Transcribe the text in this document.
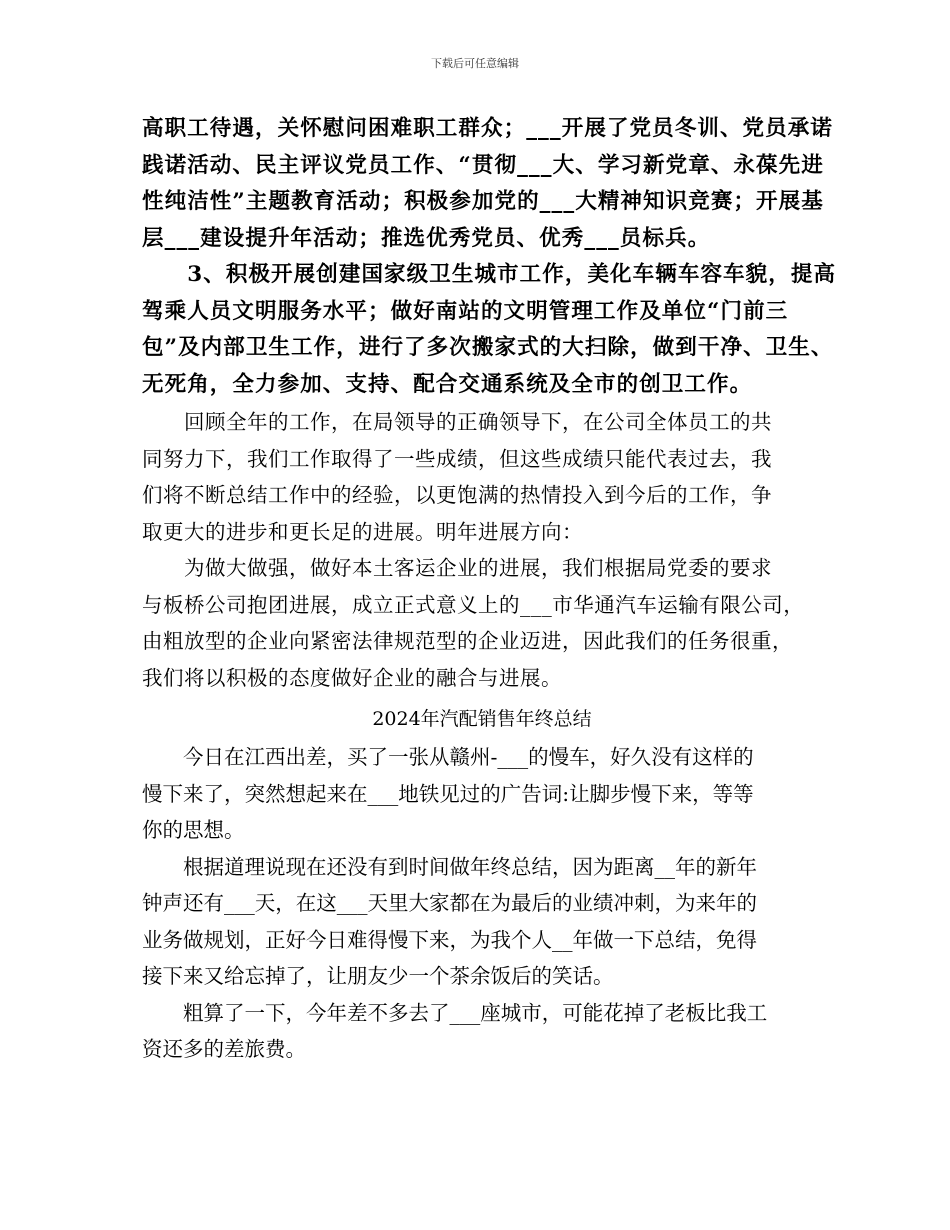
下载后可任意编辑

高职工待遇，关怀慰问困难职工群众；___开展了党员冬训、党员承诺

践诺活动、民主评议党员工作、“贯彻___大、学习新党章、永葆先进

性纯洁性”主题教育活动；积极参加党的___大精神知识竞赛；开展基

层___建设提升年活动；推选优秀党员、优秀___员标兵。

　　3、积极开展创建国家级卫生城市工作，美化车辆车容车貌，提高

驾乘人员文明服务水平；做好南站的文明管理工作及单位“门前三

包”及内部卫生工作，进行了多次搬家式的大扫除，做到干净、卫生、

无死角，全力参加、支持、配合交通系统及全市的创卫工作。

　　回顾全年的工作，在局领导的正确领导下，在公司全体员工的共

同努力下，我们工作取得了一些成绩，但这些成绩只能代表过去，我

们将不断总结工作中的经验，以更饱满的热情投入到今后的工作，争

取更大的进步和更长足的进展。明年进展方向：

　　为做大做强，做好本土客运企业的进展，我们根据局党委的要求

与板桥公司抱团进展，成立正式意义上的___市华通汽车运输有限公司，

由粗放型的企业向紧密法律规范型的企业迈进，因此我们的任务很重，

我们将以积极的态度做好企业的融合与进展。

2024年汽配销售年终总结

　　今日在江西出差，买了一张从赣州-___的慢车，好久没有这样的

慢下来了，突然想起来在___地铁见过的广告词:让脚步慢下来，等等

你的思想。

　　根据道理说现在还没有到时间做年终总结，因为距离__年的新年

钟声还有___天，在这___天里大家都在为最后的业绩冲刺，为来年的

业务做规划，正好今日难得慢下来，为我个人__年做一下总结，免得

接下来又给忘掉了，让朋友少一个茶余饭后的笑话。

　　粗算了一下，今年差不多去了___座城市，可能花掉了老板比我工

资还多的差旅费。
